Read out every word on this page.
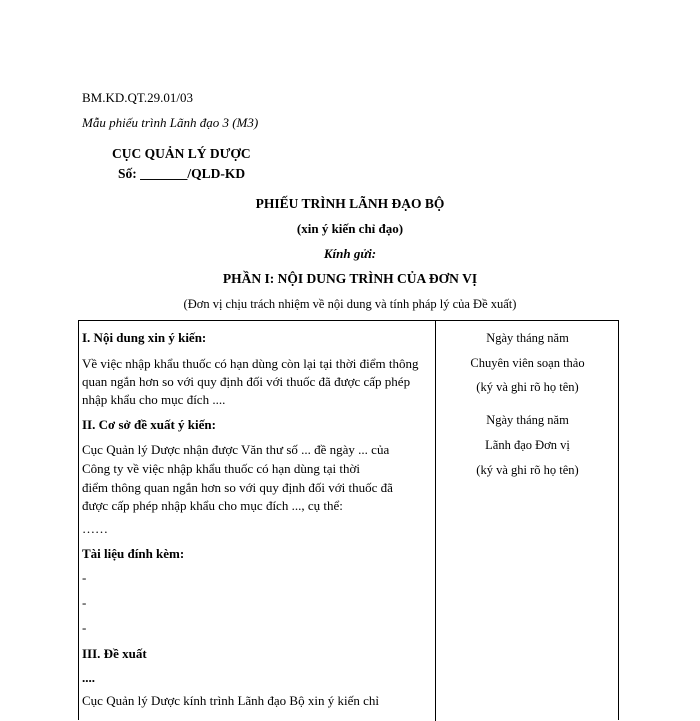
BM.KD.QT.29.01/03
Mẫu phiếu trình Lãnh đạo 3 (M3)
CỤC QUẢN LÝ DƯỢC
Số: _______/QLD-KD
PHIẾU TRÌNH LÃNH ĐẠO BỘ
(xin ý kiến chỉ đạo)
Kính gửi:
PHẦN I: NỘI DUNG TRÌNH CỦA ĐƠN VỊ
(Đơn vị chịu trách nhiệm về nội dung và tính pháp lý của Đề xuất)
I. Nội dung xin ý kiến:
Về việc nhập khẩu thuốc có hạn dùng còn lại tại thời điểm thông
quan ngắn hơn so với quy định đối với thuốc đã được cấp phép
nhập khẩu cho mục đích ....
II. Cơ sở đề xuất ý kiến:
Cục Quản lý Dược nhận được Văn thư số ... đề ngày ... của
Công ty về việc nhập khẩu thuốc có hạn dùng tại thời
điểm thông quan ngắn hơn so với quy định đối với thuốc đã
được cấp phép nhập khẩu cho mục đích ..., cụ thể:
……
Tài liệu đính kèm:
-
-
-
III. Đề xuất
....
Cục Quản lý Dược kính trình Lãnh đạo Bộ xin ý kiến chỉ
Ngày tháng năm
Chuyên viên soạn thảo
(ký và ghi rõ họ tên)
Ngày tháng năm
Lãnh đạo Đơn vị
(ký và ghi rõ họ tên)
